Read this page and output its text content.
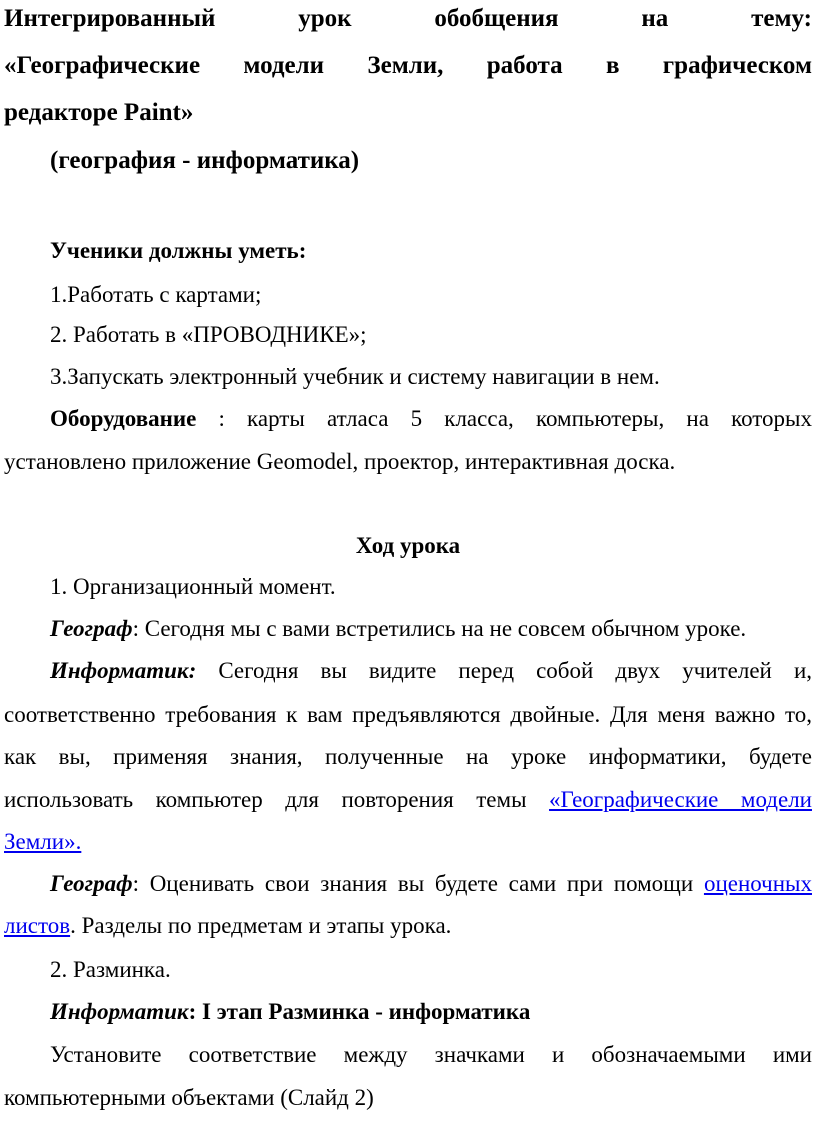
Интегрированный урок обобщения на тему:
«Географические модели Земли, работа в графическом
редакторе Paint»
(география - информатика)
Ученики должны уметь:
1.Работать с картами;
2. Работать в «ПРОВОДНИКЕ»;
3.Запускать электронный учебник и систему навигации в нем.
Оборудование : карты атласа 5 класса, компьютеры, на которых
установлено приложение Geomodel, проектор, интерактивная доска.
Ход урока
1. Организационный момент.
Географ: Сегодня мы с вами встретились на не совсем обычном уроке.
Информатик: Сегодня вы видите перед собой двух учителей и,
соответственно требования к вам предъявляются двойные. Для меня важно то,
как вы, применяя знания, полученные на уроке информатики, будете
использовать компьютер для повторения темы «Географические модели
Земли».
Географ: Оценивать свои знания вы будете сами при помощи оценочных
листов. Разделы по предметам и этапы урока.
2. Разминка.
Информатик: I этап Разминка - информатика
Установите соответствие между значками и обозначаемыми ими
компьютерными объектами (Слайд 2)
